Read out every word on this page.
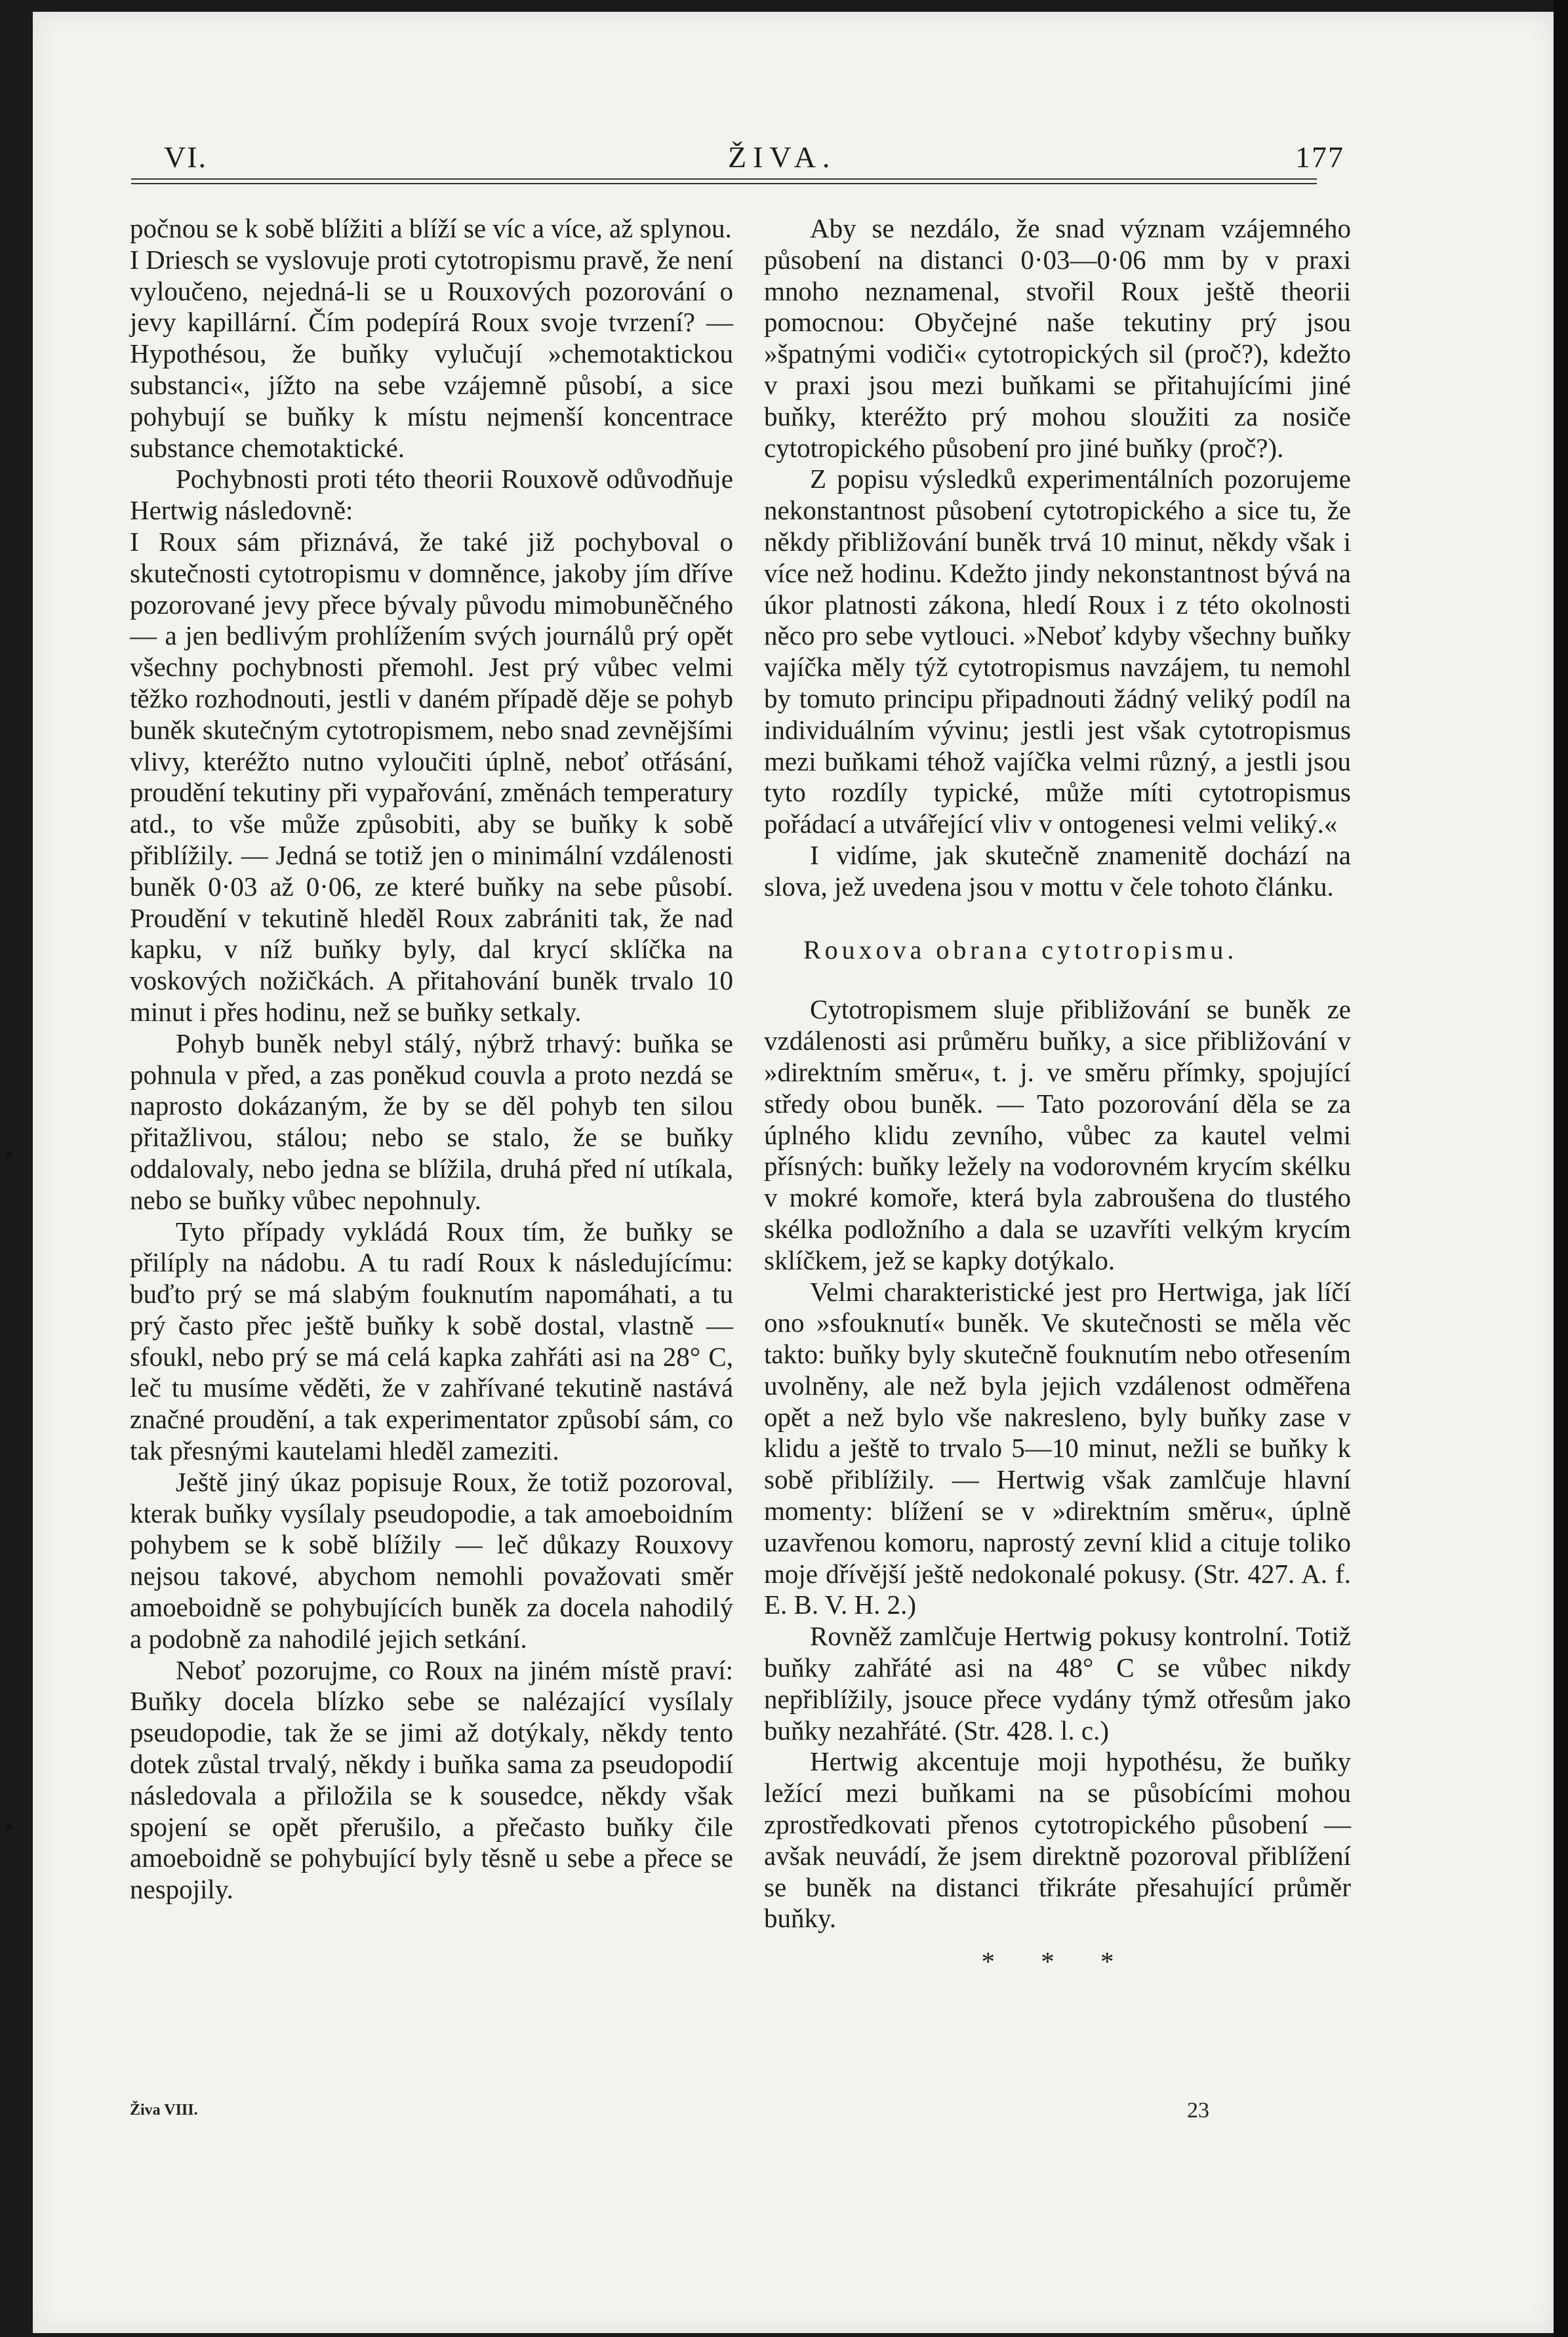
VI.	ŽIVA.	177

počnou se k sobě blížiti a blíží se víc a více, až splynou.

I Driesch se vyslovuje proti cytotropismu pravě, že není vyloučeno, nejedná-li se u Rouxových pozorování o jevy kapillární. Čím podepírá Roux svoje tvrzení? — Hypothésou, že buňky vylučují »chemotaktickou substanci«, jížto na sebe vzájemně působí, a sice pohybují se buňky k místu nejmenší koncentrace substance chemotaktické.

Pochybnosti proti této theorii Rouxově odůvodňuje Hertwig následovně:

I Roux sám přiznává, že také již pochyboval o skutečnosti cytotropismu v domněnce, jakoby jím dříve pozorované jevy přece bývaly původu mimobuněčného — a jen bedlivým prohlížením svých journálů prý opět všechny pochybnosti přemohl. Jest prý vůbec velmi těžko rozhodnouti, jestli v daném případě děje se pohyb buněk skutečným cytotropismem, nebo snad zevnějšími vlivy, kteréžto nutno vyloučiti úplně, neboť otřásání, proudění tekutiny při vypařování, změnách temperatury atd., to vše může způsobiti, aby se buňky k sobě přiblížily. — Jedná se totiž jen o minimální vzdálenosti buněk 0·03 až 0·06, ze které buňky na sebe působí. Proudění v tekutině hleděl Roux zabrániti tak, že nad kapku, v níž buňky byly, dal krycí sklíčka na voskových nožičkách. A přitahování buněk trvalo 10 minut i přes hodinu, než se buňky setkaly.

Pohyb buněk nebyl stálý, nýbrž trhavý: buňka se pohnula v před, a zas poněkud couvla a proto nezdá se naprosto dokázaným, že by se děl pohyb ten silou přitažlivou, stálou; nebo se stalo, že se buňky oddalovaly, nebo jedna se blížila, druhá před ní utíkala, nebo se buňky vůbec nepohnuly.

Tyto případy vykládá Roux tím, že buňky se přilíply na nádobu. A tu radí Roux k následujícímu: buďto prý se má slabým fouknutím napomáhati, a tu prý často přec ještě buňky k sobě dostal, vlastně — sfoukl, nebo prý se má celá kapka zahřáti asi na 28° C, leč tu musíme věděti, že v zahřívané tekutině nastává značné proudění, a tak experimentator způsobí sám, co tak přesnými kautelami hleděl zameziti.

Ještě jiný úkaz popisuje Roux, že totiž pozoroval, kterak buňky vysílaly pseudopodie, a tak amoeboidním pohybem se k sobě blížily — leč důkazy Rouxovy nejsou takové, abychom nemohli považovati směr amoeboidně se pohybujících buněk za docela nahodilý a podobně za nahodilé jejich setkání.

Neboť pozorujme, co Roux na jiném místě praví: Buňky docela blízko sebe se nalézající vysílaly pseudopodie, tak že se jimi až dotýkaly, někdy tento dotek zůstal trvalý, někdy i buňka sama za pseudopodií následovala a přiložila se k sousedce, někdy však spojení se opět přerušilo, a přečasto buňky čile amoeboidně se pohybující byly těsně u sebe a přece se nespojily.

Aby se nezdálo, že snad význam vzájemného působení na distanci 0·03—0·06 mm by v praxi mnoho neznamenal, stvořil Roux ještě theorii pomocnou: Obyčejné naše tekutiny prý jsou »špatnými vodiči« cytotropických sil (proč?), kdežto v praxi jsou mezi buňkami se přitahujícími jiné buňky, kteréžto prý mohou sloužiti za nosiče cytotropického působení pro jiné buňky (proč?).

Z popisu výsledků experimentálních pozorujeme nekonstantnost působení cytotropického a sice tu, že někdy přibližování buněk trvá 10 minut, někdy však i více než hodinu. Kdežto jindy nekonstantnost bývá na úkor platnosti zákona, hledí Roux i z této okolnosti něco pro sebe vytlouci. »Neboť kdyby všechny buňky vajíčka měly týž cytotropismus navzájem, tu nemohl by tomuto principu připadnouti žádný veliký podíl na individuálním vývinu; jestli jest však cytotropismus mezi buňkami téhož vajíčka velmi různý, a jestli jsou tyto rozdíly typické, může míti cytotropismus pořádací a utvářející vliv v ontogenesi velmi veliký.«

I vidíme, jak skutečně znamenitě dochází na slova, jež uvedena jsou v mottu v čele tohoto článku.

Rouxova obrana cytotropismu.

Cytotropismem sluje přibližování se buněk ze vzdálenosti asi průměru buňky, a sice přibližování v »direktním směru«, t. j. ve směru přímky, spojující středy obou buněk. — Tato pozorování děla se za úplného klidu zevního, vůbec za kautel velmi přísných: buňky ležely na vodorovném krycím skélku v mokré komoře, která byla zabroušena do tlustého skélka podložního a dala se uzavříti velkým krycím sklíčkem, jež se kapky dotýkalo.

Velmi charakteristické jest pro Hertwiga, jak líčí ono »sfouknutí« buněk. Ve skutečnosti se měla věc takto: buňky byly skutečně fouknutím nebo otřesením uvolněny, ale než byla jejich vzdálenost odměřena opět a než bylo vše nakresleno, byly buňky zase v klidu a ještě to trvalo 5—10 minut, nežli se buňky k sobě přiblížily. — Hertwig však zamlčuje hlavní momenty: blížení se v »direktním směru«, úplně uzavřenou komoru, naprostý zevní klid a cituje toliko moje dřívější ještě nedokonalé pokusy. (Str. 427. A. f. E. B. V. H. 2.)

Rovněž zamlčuje Hertwig pokusy kontrolní. Totiž buňky zahřáté asi na 48° C se vůbec nikdy nepřiblížily, jsouce přece vydány týmž otřesům jako buňky nezahřáté. (Str. 428. l. c.)

Hertwig akcentuje moji hypothésu, že buňky ležící mezi buňkami na se působícími mohou zprostředkovati přenos cytotropického působení — avšak neuvádí, že jsem direktně pozoroval přiblížení se buněk na distanci třikráte přesahující průměr buňky.

* * *
Živa VIII.	23
▸
▸
